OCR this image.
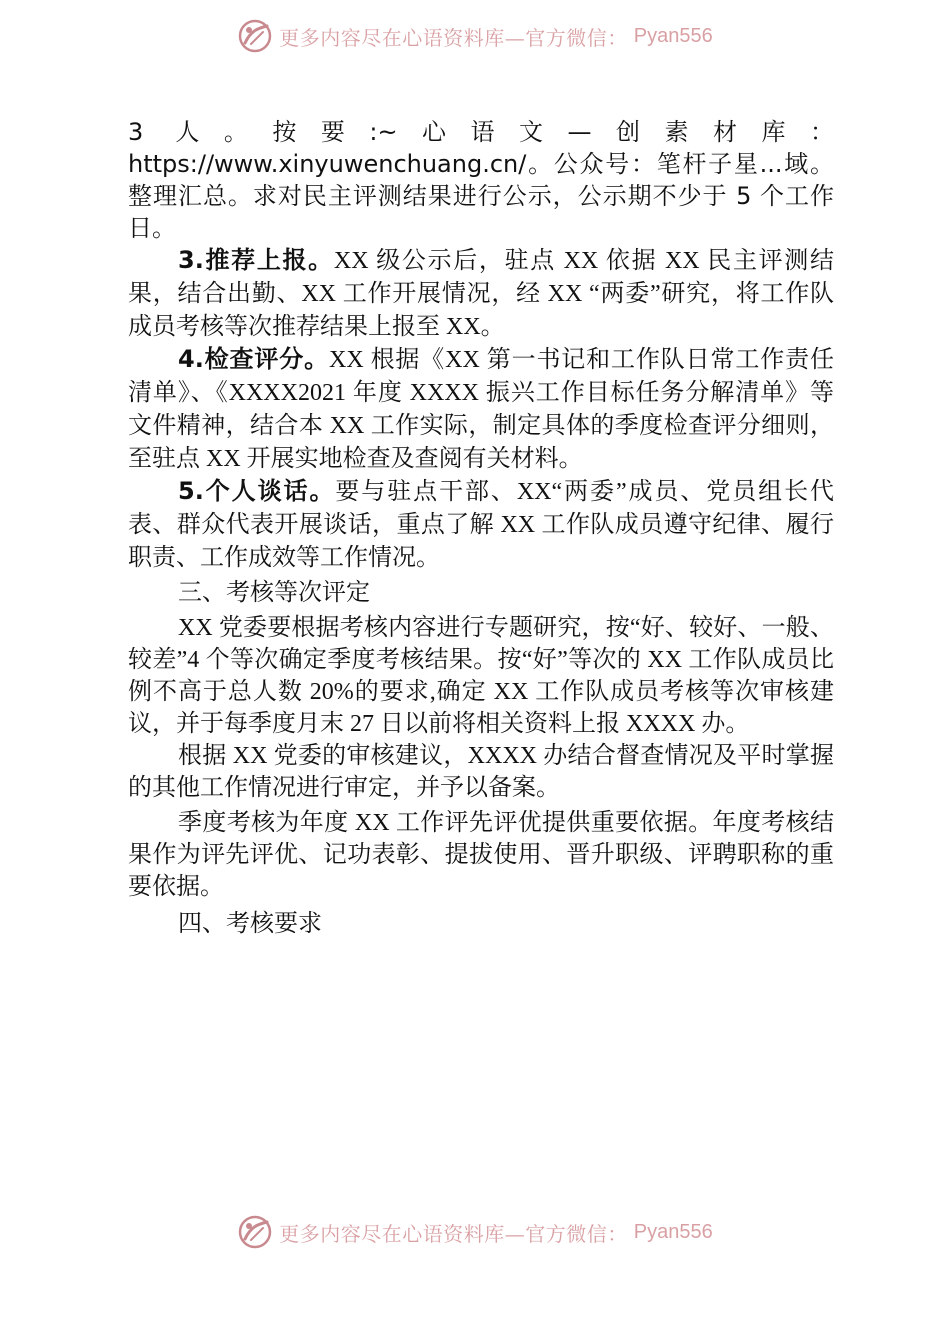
更多内容尽在心语资料库—官方微信： Pyan556

3 人。按要:~心语文—创素材库：https://www.xinyuwenchuang.cn/。公众号：笔杆子星...域。整理汇总。求对民主评测结果进行公示，公示期不少于 5 个工作日。

3.推荐上报。XX 级公示后，驻点 XX 依据 XX 民主评测结果，结合出勤、XX 工作开展情况，经 XX “两委”研究，将工作队成员考核等次推荐结果上报至 XX。

4.检查评分。XX 根据《XX 第一书记和工作队日常工作责任清单》、《XXXX2021 年度 XXXX 振兴工作目标任务分解清单》等文件精神，结合本 XX 工作实际，制定具体的季度检查评分细则，至驻点 XX 开展实地检查及查阅有关材料。

5.个人谈话。要与驻点干部、XX“两委”成员、党员组长代表、群众代表开展谈话，重点了解 XX 工作队成员遵守纪律、履行职责、工作成效等工作情况。

三、考核等次评定

XX 党委要根据考核内容进行专题研究，按“好、较好、一般、较差”4 个等次确定季度考核结果。按“好”等次的 XX 工作队成员比例不高于总人数 20%的要求,确定 XX 工作队成员考核等次审核建议，并于每季度月末 27 日以前将相关资料上报 XXXX 办。

根据 XX 党委的审核建议，XXXX 办结合督查情况及平时掌握的其他工作情况进行审定，并予以备案。

季度考核为年度 XX 工作评先评优提供重要依据。年度考核结果作为评先评优、记功表彰、提拔使用、晋升职级、评聘职称的重要依据。

四、考核要求

更多内容尽在心语资料库—官方微信： Pyan556
